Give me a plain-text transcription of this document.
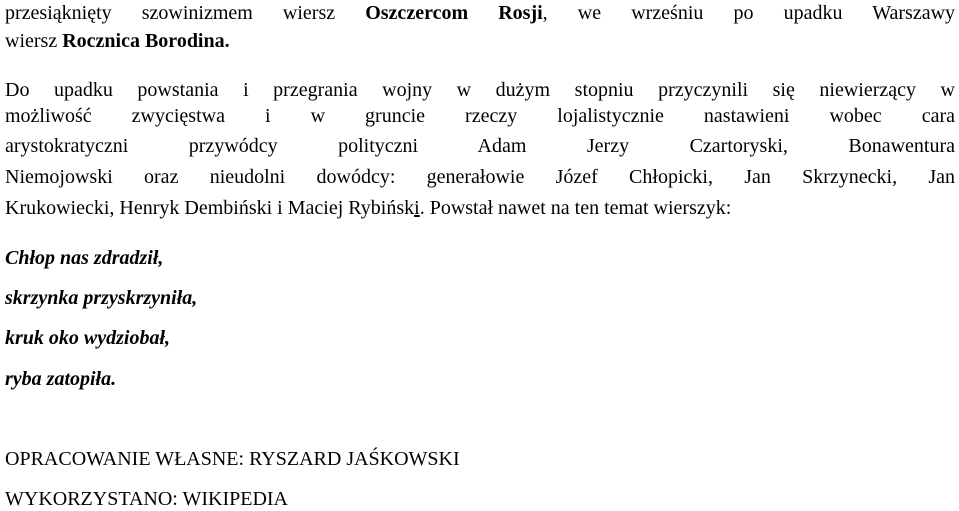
przesiąknięty szowinizmem wiersz Oszczercom Rosji, we wrześniu po upadku Warszawy
wiersz Rocznica Borodina.
Do upadku powstania i przegrania wojny w dużym stopniu przyczynili się niewierzący w
możliwość zwycięstwa i w gruncie rzeczy lojalistycznie nastawieni wobec cara
arystokratyczni przywódcy polityczni Adam Jerzy Czartoryski, Bonawentura
Niemojowski oraz nieudolni dowódcy: generałowie Józef Chłopicki, Jan Skrzynecki, Jan
Krukowiecki, Henryk Dembiński i Maciej Rybiński. Powstał nawet na ten temat wierszyk:
Chłop nas zdradził,
skrzynka przyskrzyniła,
kruk oko wydziobał,
ryba zatopiła.
OPRACOWANIE WŁASNE: RYSZARD JAŚKOWSKI
WYKORZYSTANO: WIKIPEDIA
